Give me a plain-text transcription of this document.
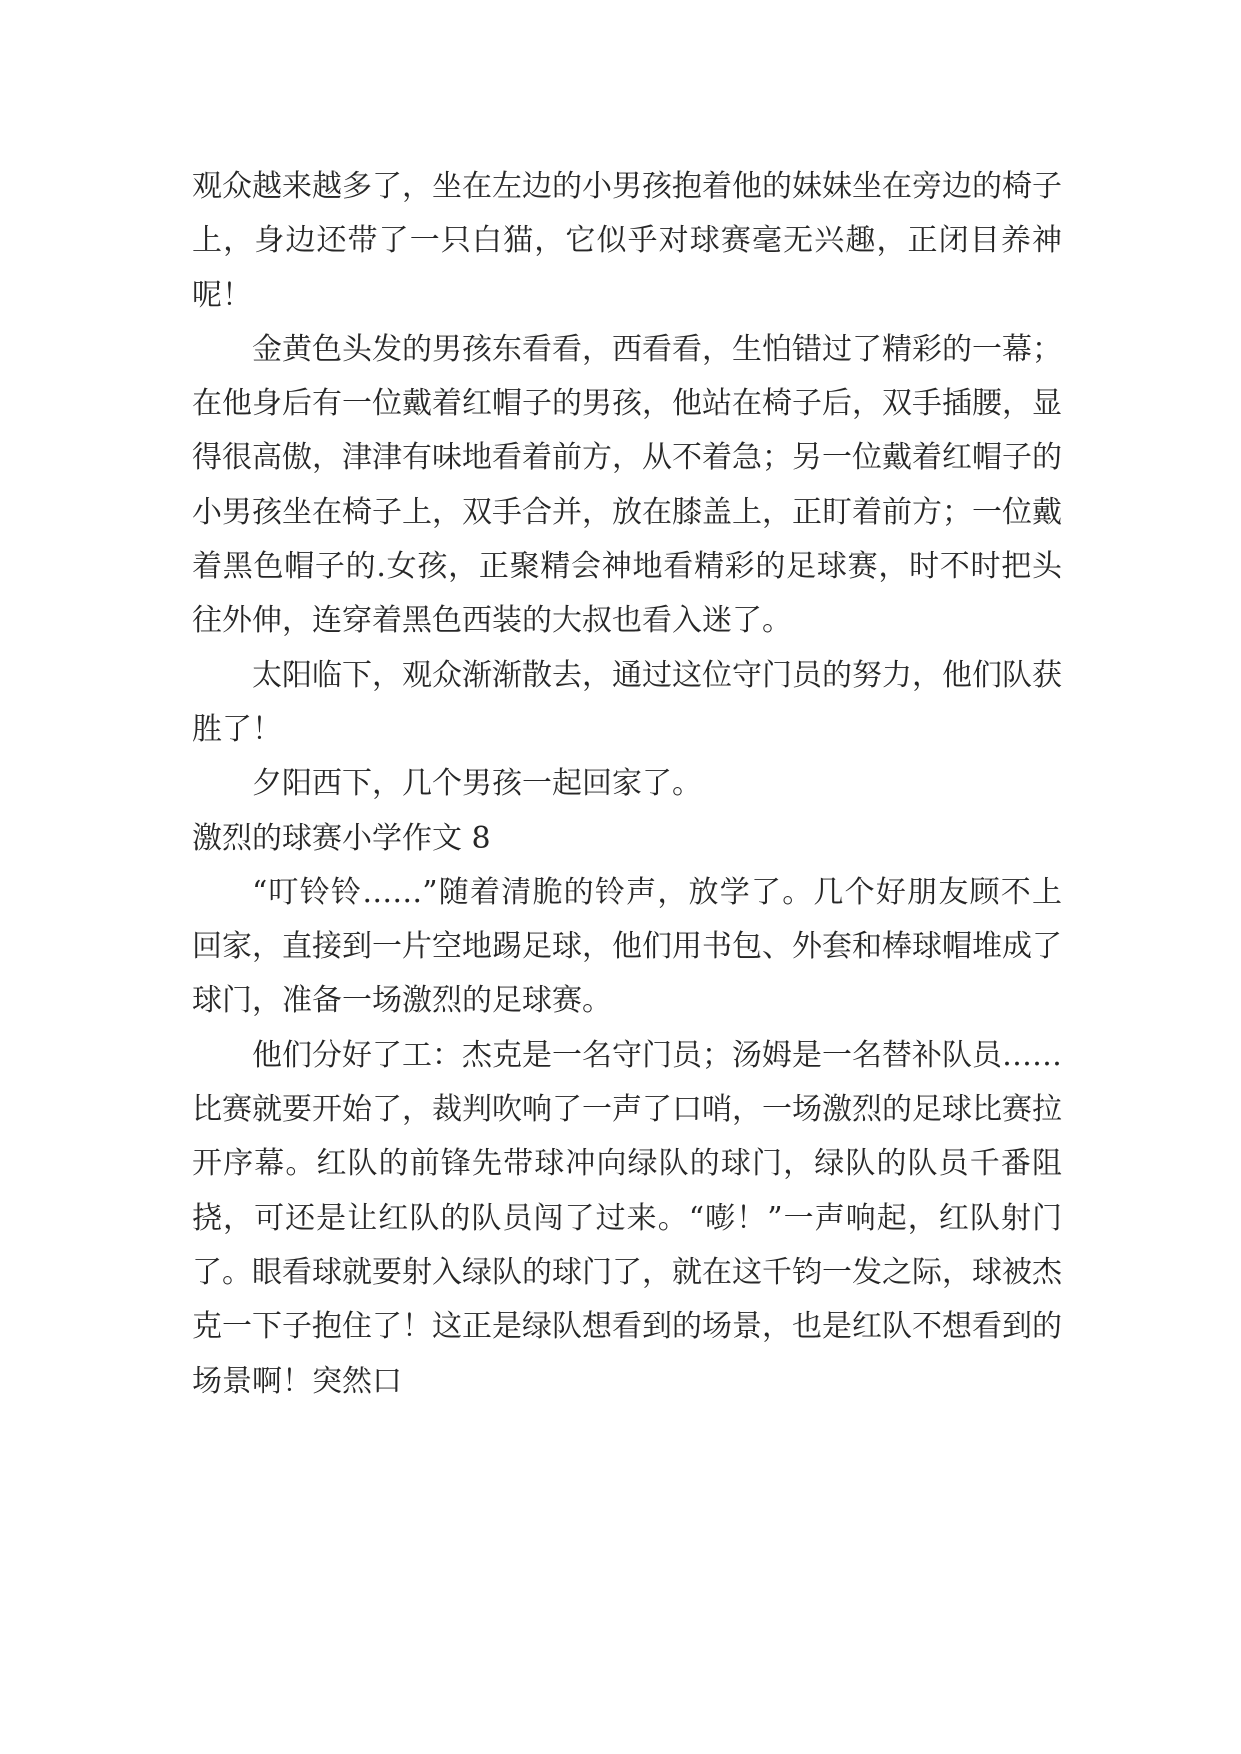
观众越来越多了，坐在左边的小男孩抱着他的妹妹坐在旁边的椅子上，身边还带了一只白猫，它似乎对球赛毫无兴趣，正闭目养神呢！

金黄色头发的男孩东看看，西看看，生怕错过了精彩的一幕；在他身后有一位戴着红帽子的男孩，他站在椅子后，双手插腰，显得很高傲，津津有味地看着前方，从不着急；另一位戴着红帽子的小男孩坐在椅子上，双手合并，放在膝盖上，正盯着前方；一位戴着黑色帽子的.女孩，正聚精会神地看精彩的足球赛，时不时把头往外伸，连穿着黑色西装的大叔也看入迷了。

太阳临下，观众渐渐散去，通过这位守门员的努力，他们队获胜了！

夕阳西下，几个男孩一起回家了。

激烈的球赛小学作文 8

“叮铃铃……”随着清脆的铃声，放学了。几个好朋友顾不上回家，直接到一片空地踢足球，他们用书包、外套和棒球帽堆成了球门，准备一场激烈的足球赛。

他们分好了工：杰克是一名守门员；汤姆是一名替补队员……比赛就要开始了，裁判吹响了一声了口哨，一场激烈的足球比赛拉开序幕。红队的前锋先带球冲向绿队的球门，绿队的队员千番阻挠，可还是让红队的队员闯了过来。“嘭！”一声响起，红队射门了。眼看球就要射入绿队的球门了，就在这千钧一发之际，球被杰克一下子抱住了！这正是绿队想看到的场景，也是红队不想看到的场景啊！突然口
